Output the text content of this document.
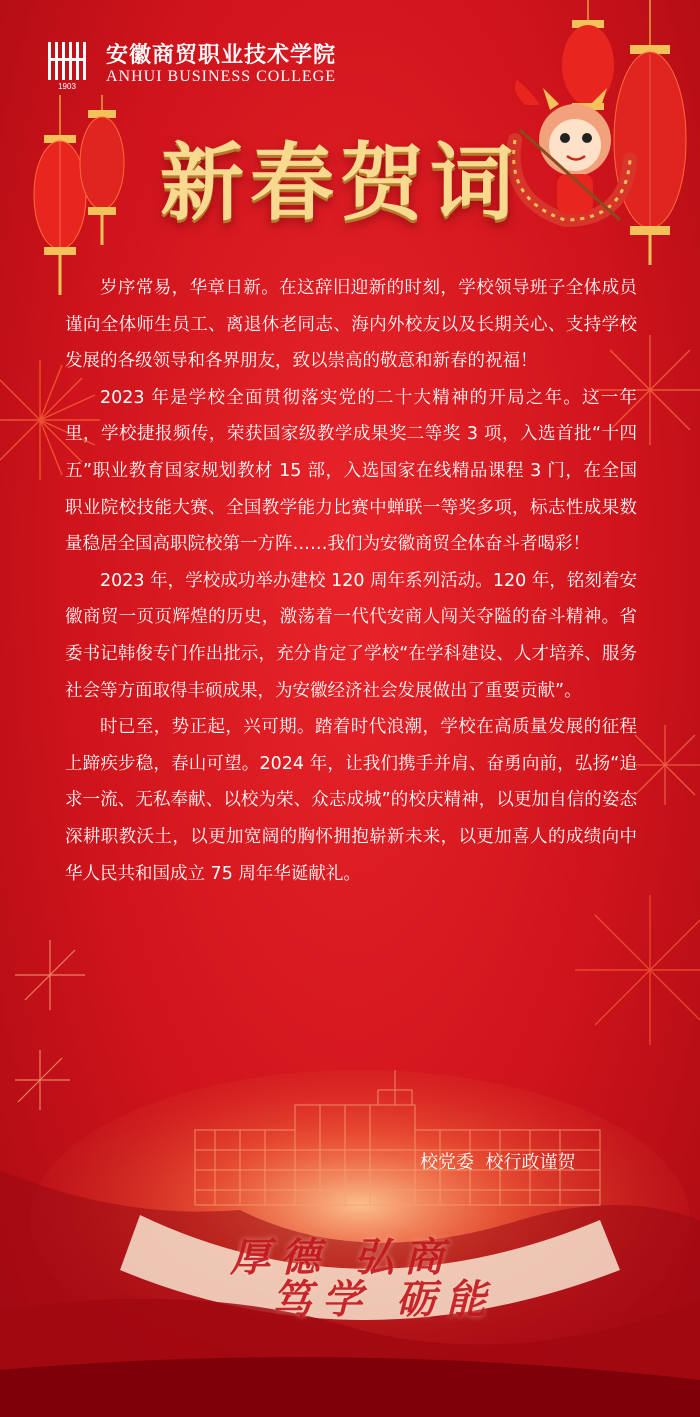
1903
安徽商贸职业技术学院
ANHUI BUSINESS COLLEGE
新春贺词

岁序常易，华章日新。在这辞旧迎新的时刻，学校领导班子全体成员谨向全体师生员工、离退休老同志、海内外校友以及长期关心、支持学校发展的各级领导和各界朋友，致以崇高的敬意和新春的祝福！

2023 年是学校全面贯彻落实党的二十大精神的开局之年。这一年里，学校捷报频传，荣获国家级教学成果奖二等奖 3 项，入选首批“十四五”职业教育国家规划教材 15 部，入选国家在线精品课程 3 门，在全国职业院校技能大赛、全国教学能力比赛中蝉联一等奖多项，标志性成果数量稳居全国高职院校第一方阵……我们为安徽商贸全体奋斗者喝彩！

2023 年，学校成功举办建校 120 周年系列活动。120 年，铭刻着安徽商贸一页页辉煌的历史，激荡着一代代安商人闯关夺隘的奋斗精神。省委书记韩俊专门作出批示，充分肯定了学校“在学科建设、人才培养、服务社会等方面取得丰硕成果，为安徽经济社会发展做出了重要贡献”。

时已至，势正起，兴可期。踏着时代浪潮，学校在高质量发展的征程上蹄疾步稳，春山可望。2024 年，让我们携手并肩、奋勇向前，弘扬“追求一流、无私奉献、以校为荣、众志成城”的校庆精神，以更加自信的姿态深耕职教沃土，以更加宽阔的胸怀拥抱崭新未来，以更加喜人的成绩向中华人民共和国成立 75 周年华诞献礼。

校党委  校行政谨贺
厚德 弘商
笃学 砺能
